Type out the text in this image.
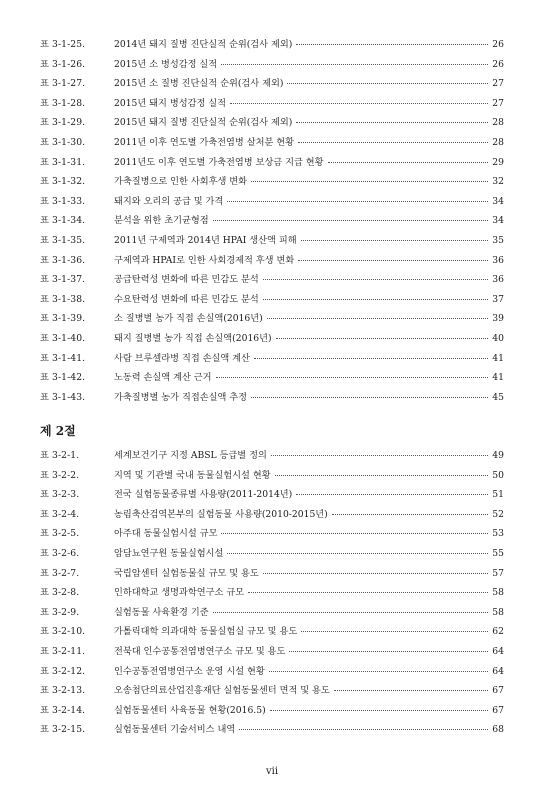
표 3-1-25.	2014년 돼지 질병 진단실적 순위(검사 제외)	26
표 3-1-26.	2015년 소 병성감정 실적	26
표 3-1-27.	2015년 소 질병 진단실적 순위(검사 제외)	27
표 3-1-28.	2015년 돼지 병성감정 실적	27
표 3-1-29.	2015년 돼지 질병 진단실적 순위(검사 제외)	28
표 3-1-30.	2011년 이후 연도별 가축전염병 살처분 현황	28
표 3-1-31.	2011년도 이후 연도별 가축전염병 보상금 지급 현황	29
표 3-1-32.	가축질병으로 인한 사회후생 변화	32
표 3-1-33.	돼지와 오리의 공급 및 가격	34
표 3-1-34.	분석을 위한 초기균형점	34
표 3-1-35.	2011년 구제역과 2014년 HPAI 생산액 피해	35
표 3-1-36.	구제역과 HPAI로 인한 사회경제적 후생 변화	36
표 3-1-37.	공급탄력성 변화에 따른 민감도 분석	36
표 3-1-38.	수요탄력성 변화에 따른 민감도 분석	37
표 3-1-39.	소 질병별 농가 직접 손실액(2016년)	39
표 3-1-40.	돼지 질병별 농가 직접 손실액(2016년)	40
표 3-1-41.	사람 브루셀라병 직접 손실액 계산	41
표 3-1-42.	노동력 손실액 계산 근거	41
표 3-1-43.	가축질병별 농가 직접손실액 추정	45
제 2절
표 3-2-1.	세계보건기구 지정 ABSL 등급별 정의	49
표 3-2-2.	지역 및 기관별 국내 동물실험시설 현황	50
표 3-2-3.	전국 실험동물종류별 사용량(2011-2014년)	51
표 3-2-4.	농림축산검역본부의 실험동물 사용량(2010-2015년)	52
표 3-2-5.	아주대 동물실험시설 규모	53
표 3-2-6.	암담뇨연구원 동물실험시설	55
표 3-2-7.	국립암센터 실험동물실 규모 및 용도	57
표 3-2-8.	인하대학교 생명과학연구소 규모	58
표 3-2-9.	실험동물 사육환경 기준	58
표 3-2-10.	가톨릭대학 의과대학 동물실험실 규모 및 용도	62
표 3-2-11.	전북대 인수공통전염병연구소 규모 및 용도	64
표 3-2-12.	인수공통전염병연구소 운영 시설 현황	64
표 3-2-13.	오송첨단의료산업진흥재단 실험동물센터 면적 및 용도	67
표 3-2-14.	실험동물센터 사육동물 현황(2016.5)	67
표 3-2-15.	실험동물센터 기술서비스 내역	68
vii
